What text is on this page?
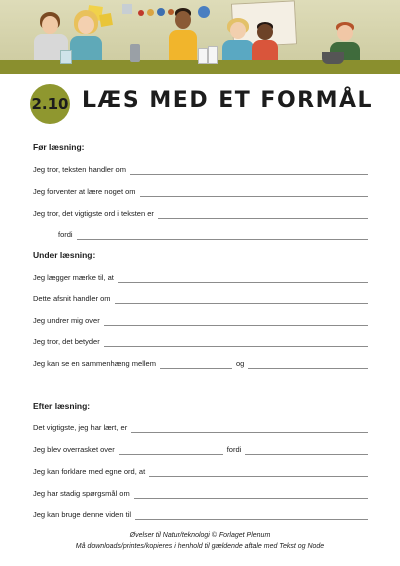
2.10 LÆS MED ET FORMÅL
Før læsning:
Jeg tror, teksten handler om
Jeg forventer at lære noget om
Jeg tror, det vigtigste ord i teksten er
fordi
Under læsning:
Jeg lægger mærke til, at
Dette afsnit handler om
Jeg undrer mig over
Jeg tror, det betyder
Jeg kan se en sammenhæng mellem	og
Efter læsning:
Det vigtigste, jeg har lært, er
Jeg blev overrasket over	fordi
Jeg kan forklare med egne ord, at
Jeg har stadig spørgsmål om
Jeg kan bruge denne viden til
Øvelser til Natur/teknologi © Forlaget Plenum
Må downloads/printes/kopieres i henhold til gældende aftale med Tekst og Node
